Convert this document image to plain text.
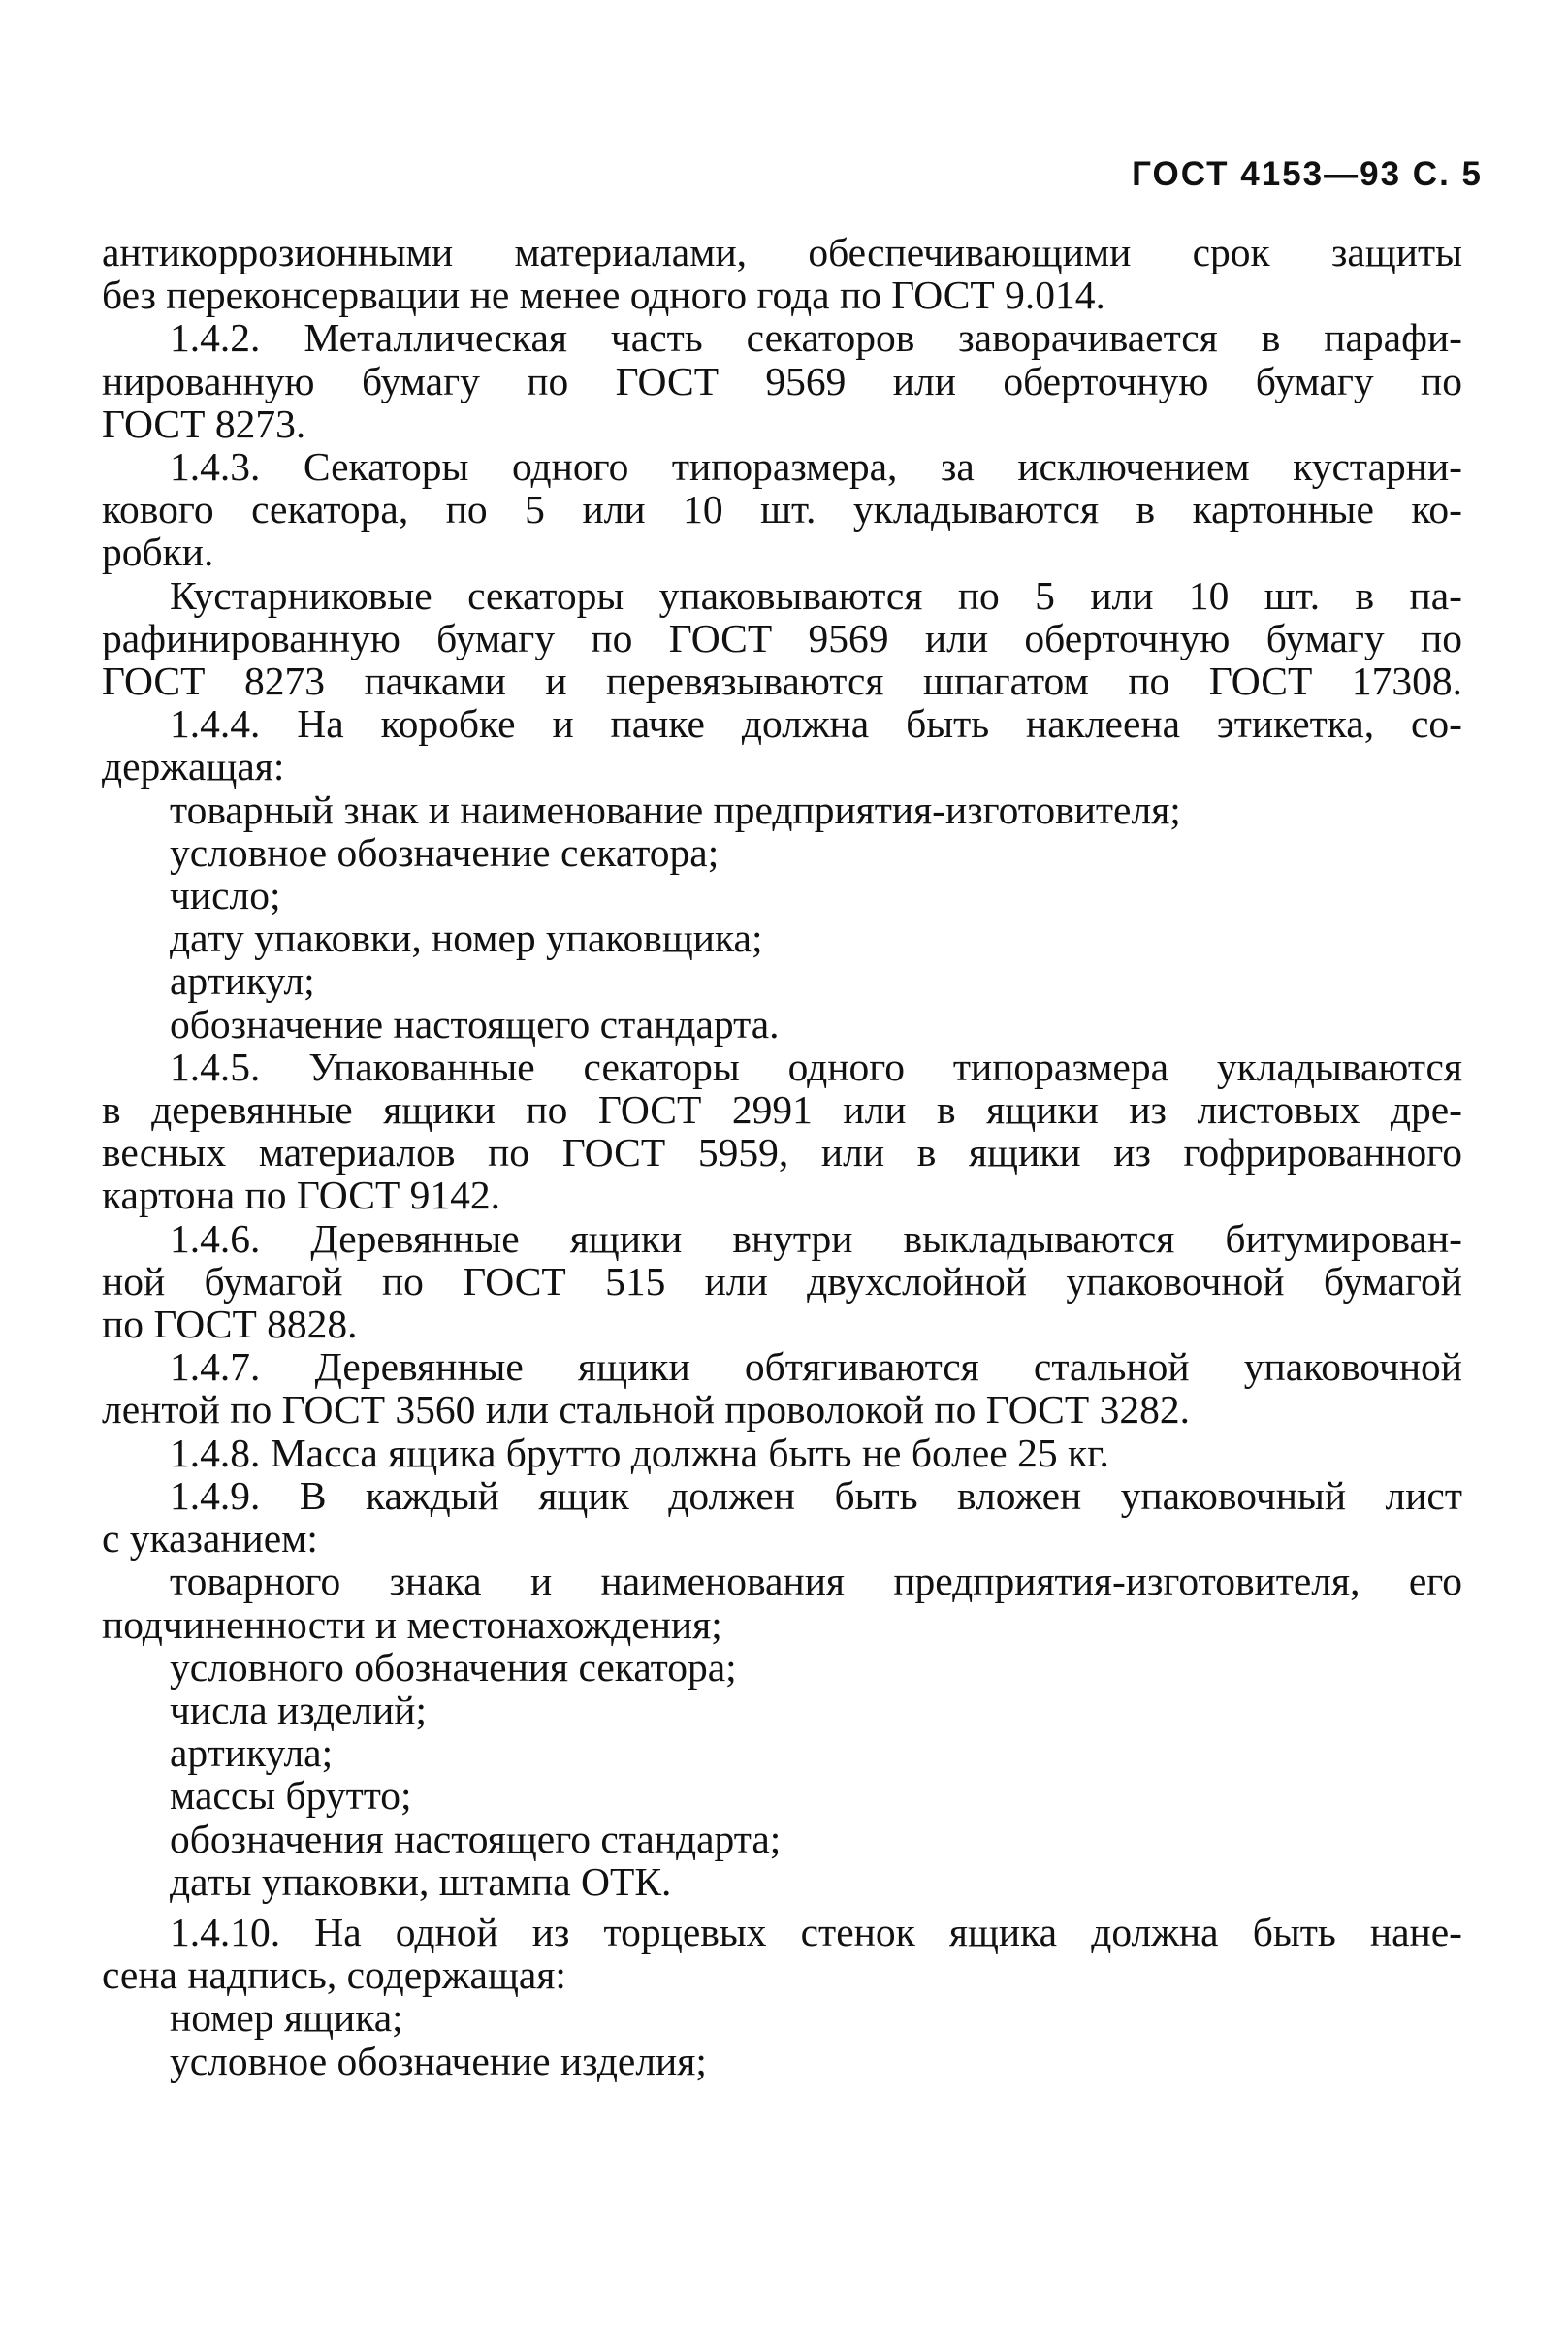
ГОСТ 4153—93 С. 5

антикоррозионными материалами, обеспечивающими срок защиты

без переконсервации не менее одного года по ГОСТ 9.014.

1.4.2. Металлическая часть секаторов заворачивается в парафи-

нированную бумагу по ГОСТ 9569 или оберточную бумагу по

ГОСТ 8273.

1.4.3. Секаторы одного типоразмера, за исключением кустарни-

кового секатора, по 5 или 10 шт. укладываются в картонные ко-

робки.

Кустарниковые секаторы упаковываются по 5 или 10 шт. в па-

рафинированную бумагу по ГОСТ 9569 или оберточную бумагу по

ГОСТ 8273 пачками и перевязываются шпагатом по ГОСТ 17308.

1.4.4. На коробке и пачке должна быть наклеена этикетка, со-

держащая:

товарный знак и наименование предприятия-изготовителя;

условное обозначение секатора;

число;

дату упаковки, номер упаковщика;

артикул;

обозначение настоящего стандарта.

1.4.5. Упакованные секаторы одного типоразмера укладываются

в деревянные ящики по ГОСТ 2991 или в ящики из листовых дре-

весных материалов по ГОСТ 5959, или в ящики из гофрированного

картона по ГОСТ 9142.

1.4.6. Деревянные ящики внутри выкладываются битумирован-

ной бумагой по ГОСТ 515 или двухслойной упаковочной бумагой

по ГОСТ 8828.

1.4.7. Деревянные ящики обтягиваются стальной упаковочной

лентой по ГОСТ 3560 или стальной проволокой по ГОСТ 3282.

1.4.8. Масса ящика брутто должна быть не более 25 кг.

1.4.9. В каждый ящик должен быть вложен упаковочный лист

с указанием:

товарного знака и наименования предприятия-изготовителя, его

подчиненности и местонахождения;

условного обозначения секатора;

числа изделий;

артикула;

массы брутто;

обозначения настоящего стандарта;

даты упаковки, штампа ОТК.

1.4.10. На одной из торцевых стенок ящика должна быть нане-

сена надпись, содержащая:

номер ящика;

условное обозначение изделия;
